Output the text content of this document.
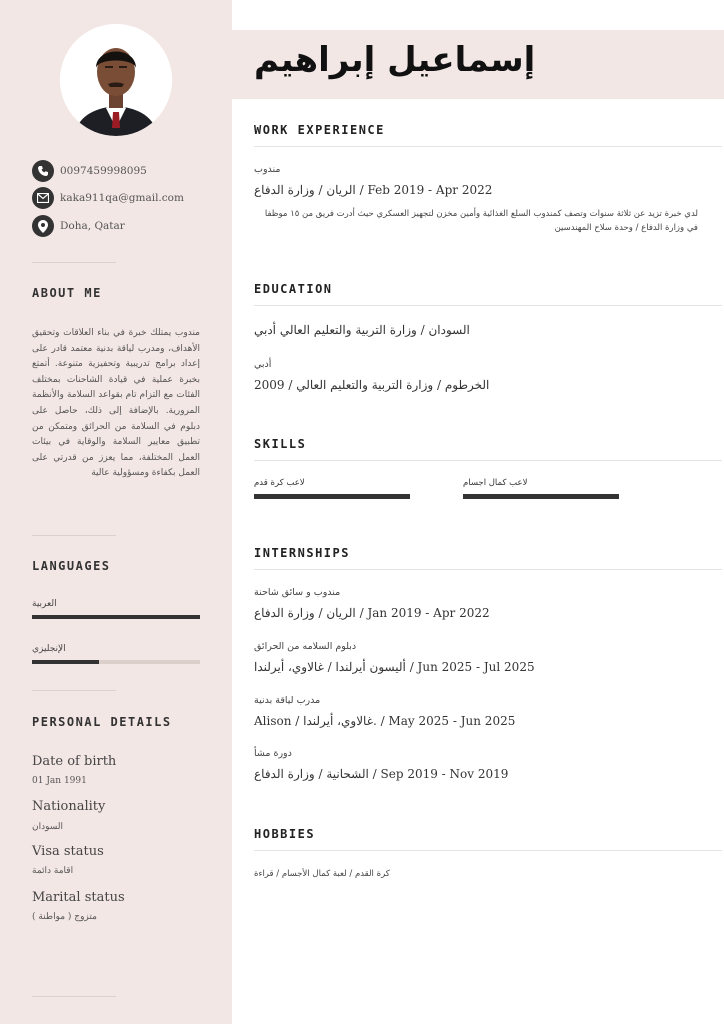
0097459998095
kaka911qa@gmail.com
Doha, Qatar
ABOUT ME

مندوب يمتلك خبرة في بناء العلاقات وتحقيق الأهداف، ومدرب لياقة بدنية معتمد قادر على إعداد برامج تدريبية وتحفيزية متنوعة. أتمتع بخبرة عملية في قيادة الشاحنات بمختلف الفئات مع التزام تام بقواعد السلامة والأنظمة المرورية. بالإضافة إلى ذلك، حاصل على دبلوم في السلامة من الحرائق ومتمكن من تطبيق معايير السلامة والوقاية في بيئات العمل المختلفة، مما يعزز من قدرتي على العمل بكفاءة ومسؤولية عالية

LANGUAGES
العربية
الإنجليزي
PERSONAL DETAILS
Date of birth
01 Jan 1991
Nationality
السودان
Visa status
اقامة دائمة
Marital status
متزوج ( مواطنة )
إسماعيل إبراهيم
WORK EXPERIENCE
مندوب
الريان / وزارة الدفاع / Feb 2019 - Apr 2022

لدي خبرة تزيد عن ثلاثة سنوات وتصف كمندوب السلع الغذائية وأمين مخزن لتجهيز العسكري حيث أدرت فريق من ١٥ موظفا في وزارة الدفاع / وحدة سلاح المهندسين

EDUCATION
السودان / وزارة التربية والتعليم العالي أدبي
أدبي
الخرطوم / وزارة التربية والتعليم العالي / 2009
SKILLS
لاعب كرة قدم	لاعب كمال اجسام
INTERNSHIPS
مندوب و سائق شاحنة
الريان / وزارة الدفاع / Jan 2019 - Apr 2022
دبلوم السلامه من الحرائق
أليسون أيرلندا / غالاوي، أيرلندا / Jun 2025 - Jul 2025
مدرب لياقة بدنية
Alison / غالاوي، أيرلندا. / May 2025 - Jun 2025
دورة مشأ
الشحانية / وزارة الدفاع / Sep 2019 - Nov 2019
HOBBIES
كرة القدم / لعبة كمال الأجسام / قراءة
